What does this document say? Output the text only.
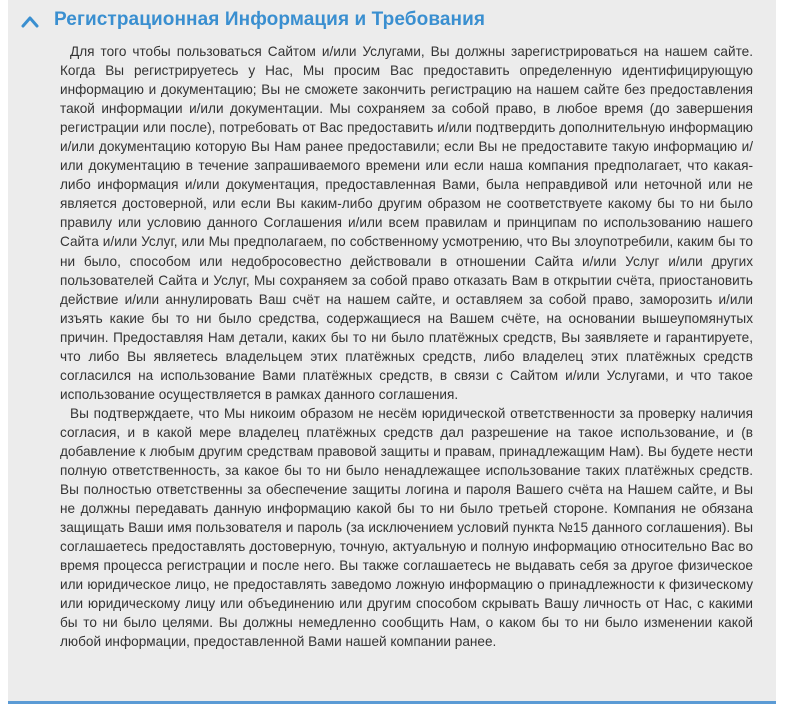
Регистрационная Информация и Требования

Для того чтобы пользоваться Сайтом и/или Услугами, Вы должны зарегистрироваться на нашем сайте. Когда Вы регистрируетесь у Нас, Мы просим Вас предоставить определенную идентифицирующую информацию и документацию; Вы не сможете закончить регистрацию на нашем сайте без предоставления такой информации и/или документации. Мы сохраняем за собой право, в любое время (до завершения регистрации или после), потребовать от Вас предоставить и/или подтвердить дополнительную информацию и/или документацию которую Вы Нам ранее предоставили; если Вы не предоставите такую информацию и/или документацию в течение запрашиваемого времени или если наша компания предполагает, что какая-либо информация и/или документация, предоставленная Вами, была неправдивой или неточной или не является достоверной, или если Вы каким-либо другим образом не соответствуете какому бы то ни было правилу или условию данного Соглашения и/или всем правилам и принципам по использованию нашего Сайта и/или Услуг, или Мы предполагаем, по собственному усмотрению, что Вы злоупотребили, каким бы то ни было, способом или недобросовестно действовали в отношении Сайта и/или Услуг и/или других пользователей Сайта и Услуг, Мы сохраняем за собой право отказать Вам в открытии счёта, приостановить действие и/или аннулировать Ваш счёт на нашем сайте, и оставляем за собой право, заморозить и/или изъять какие бы то ни было средства, содержащиеся на Вашем счёте, на основании вышеупомянутых причин. Предоставляя Нам детали, каких бы то ни было платёжных средств, Вы заявляете и гарантируете, что либо Вы являетесь владельцем этих платёжных средств, либо владелец этих платёжных средств согласился на использование Вами платёжных средств, в связи с Сайтом и/или Услугами, и что такое использование осуществляется в рамках данного соглашения.

Вы подтверждаете, что Мы никоим образом не несём юридической ответственности за проверку наличия согласия, и в какой мере владелец платёжных средств дал разрешение на такое использование, и (в добавление к любым другим средствам правовой защиты и правам, принадлежащим Нам). Вы будете нести полную ответственность, за какое бы то ни было ненадлежащее использование таких платёжных средств. Вы полностью ответственны за обеспечение защиты логина и пароля Вашего счёта на Нашем сайте, и Вы не должны передавать данную информацию какой бы то ни было третьей стороне. Компания не обязана защищать Ваши имя пользователя и пароль (за исключением условий пункта №15 данного соглашения). Вы соглашаетесь предоставлять достоверную, точную, актуальную и полную информацию относительно Вас во время процесса регистрации и после него. Вы также соглашаетесь не выдавать себя за другое физическое или юридическое лицо, не предоставлять заведомо ложную информацию о принадлежности к физическому или юридическому лицу или объединению или другим способом скрывать Вашу личность от Нас, с какими бы то ни было целями. Вы должны немедленно сообщить Нам, о каком бы то ни было изменении какой любой информации, предоставленной Вами нашей компании ранее.
